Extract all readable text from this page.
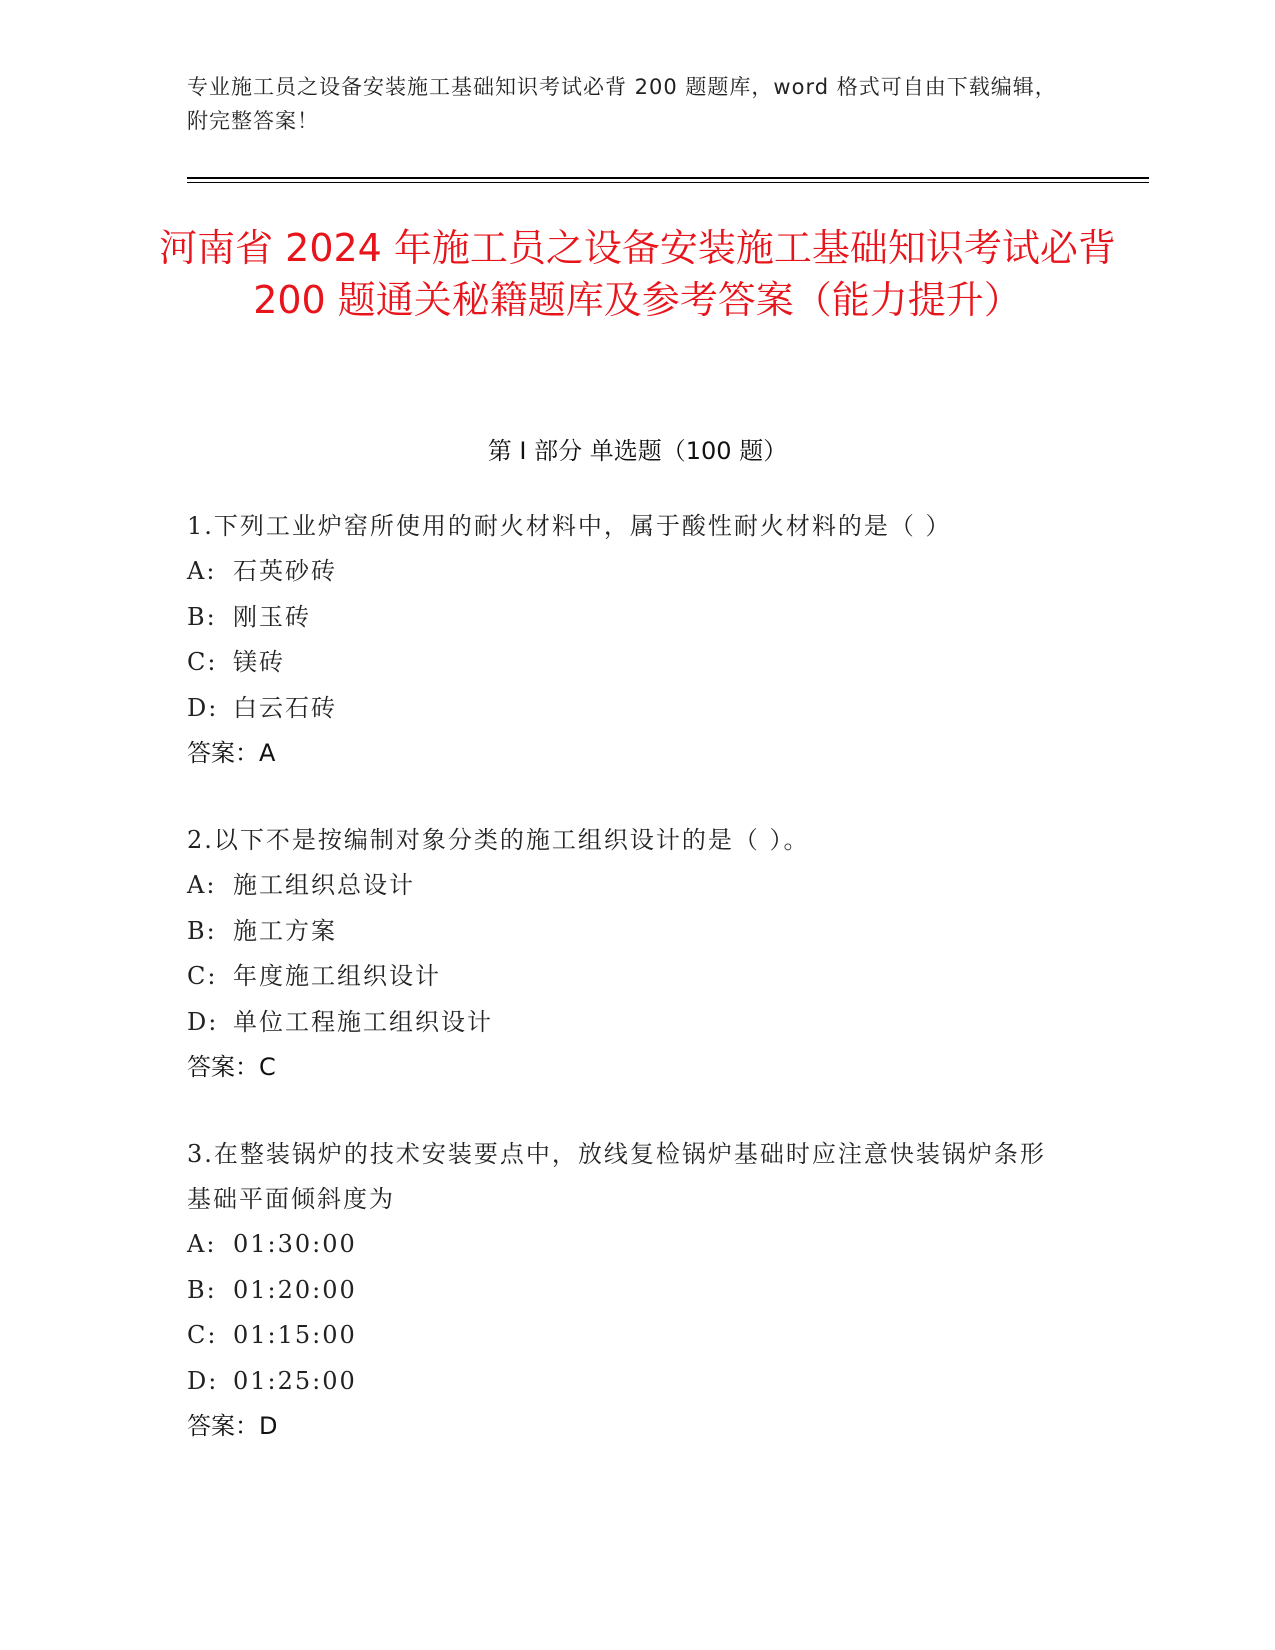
专业施工员之设备安装施工基础知识考试必背 200 题题库，word 格式可自由下载编辑，附完整答案！
河南省 2024 年施工员之设备安装施工基础知识考试必背 200 题通关秘籍题库及参考答案（能力提升）
第 I 部分 单选题（100 题）
1.下列工业炉窑所使用的耐火材料中，属于酸性耐火材料的是（ ）
A: 石英砂砖
B: 刚玉砖
C: 镁砖
D: 白云石砖
答案：A
2.以下不是按编制对象分类的施工组织设计的是（ ）。
A: 施工组织总设计
B: 施工方案
C: 年度施工组织设计
D: 单位工程施工组织设计
答案：C
3.在整装锅炉的技术安装要点中，放线复检锅炉基础时应注意快装锅炉条形基础平面倾斜度为
A: 01:30:00
B: 01:20:00
C: 01:15:00
D: 01:25:00
答案：D
